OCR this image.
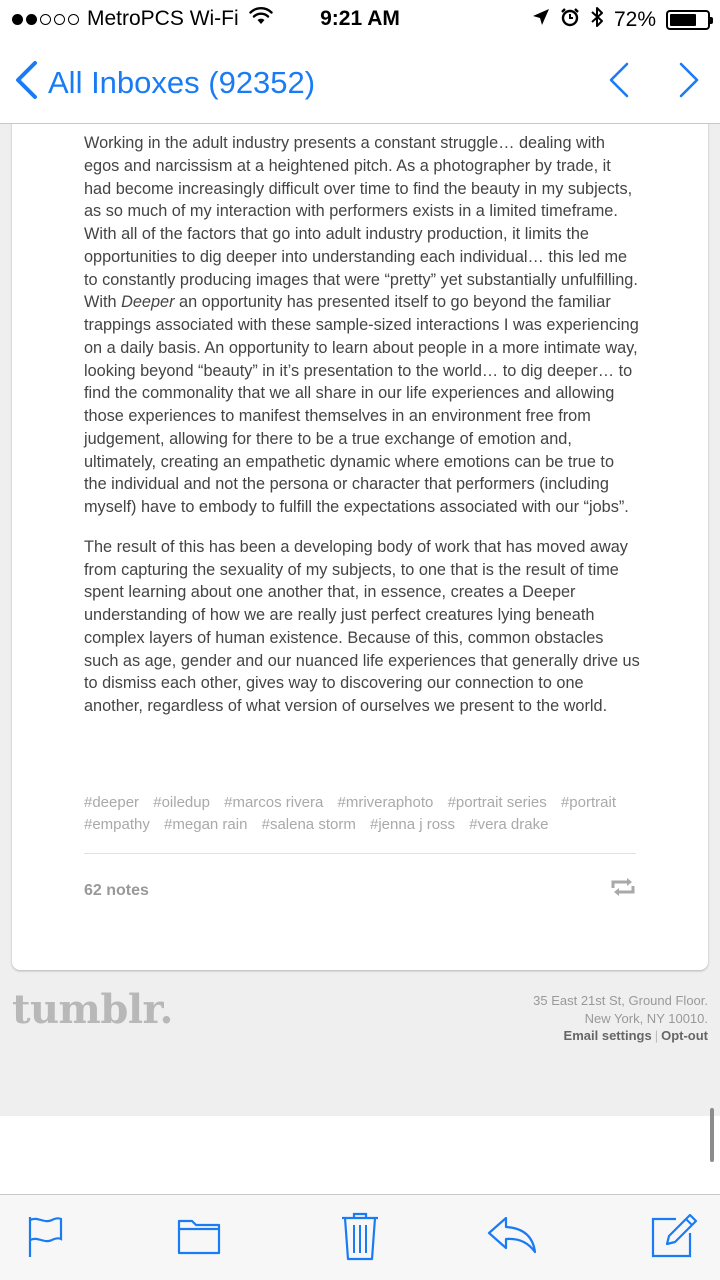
MetroPCS Wi-Fi	9:21 AM	72%
All Inboxes (92352)

Working in the adult industry presents a constant struggle… dealing with egos and narcissism at a heightened pitch. As a photographer by trade, it had become increasingly difficult over time to find the beauty in my subjects, as so much of my interaction with performers exists in a limited timeframe. With all of the factors that go into adult industry production, it limits the opportunities to dig deeper into understanding each individual… this led me to constantly producing images that were “pretty” yet substantially unfulfilling. With Deeper an opportunity has presented itself to go beyond the familiar trappings associated with these sample-sized interactions I was experiencing on a daily basis. An opportunity to learn about people in a more intimate way, looking beyond “beauty” in it’s presentation to the world… to dig deeper… to find the commonality that we all share in our life experiences and allowing those experiences to manifest themselves in an environment free from judgement, allowing for there to be a true exchange of emotion and, ultimately, creating an empathetic dynamic where emotions can be true to the individual and not the persona or character that performers (including myself) have to embody to fulfill the expectations associated with our “jobs”.

The result of this has been a developing body of work that has moved away from capturing the sexuality of my subjects, to one that is the result of time spent learning about one another that, in essence, creates a Deeper understanding of how we are really just perfect creatures lying beneath complex layers of human existence. Because of this, common obstacles such as age, gender and our nuanced life experiences that generally drive us to dismiss each other, gives way to discovering our connection to one another, regardless of what version of ourselves we present to the world.

#deeper #oiledup #marcos rivera #mriveraphoto #portrait series #portrait #empathy #megan rain #salena storm #jenna j ross #vera drake
62 notes
tumblr.	35 East 21st St, Ground Floor.
New York, NY 10010.
Email settings | Opt-out
